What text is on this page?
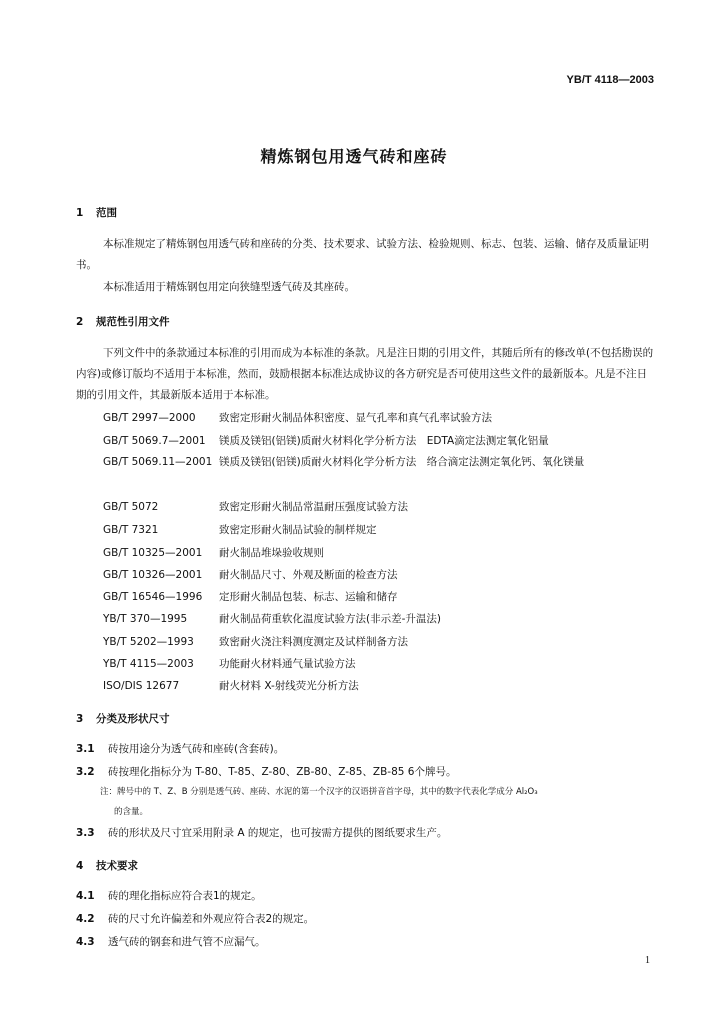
YB/T 4118—2003
精炼钢包用透气砖和座砖
1 范围
本标准规定了精炼钢包用透气砖和座砖的分类、技术要求、试验方法、检验规则、标志、包装、运输、储存及质量证明书。
本标准适用于精炼钢包用定向狭缝型透气砖及其座砖。
2 规范性引用文件
下列文件中的条款通过本标准的引用而成为本标准的条款。凡是注日期的引用文件，其随后所有的修改单(不包括勘误的内容)或修订版均不适用于本标准，然而，鼓励根据本标准达成协议的各方研究是否可使用这些文件的最新版本。凡是不注日期的引用文件，其最新版本适用于本标准。
GB/T 2997—2000 致密定形耐火制品体积密度、显气孔率和真气孔率试验方法
GB/T 5069.7—2001 镁质及镁铝(铝镁)质耐火材料化学分析方法　EDTA滴定法测定氧化铝量
GB/T 5069.11—2001 镁质及镁铝(铝镁)质耐火材料化学分析方法　络合滴定法测定氧化钙、氧化镁量
GB/T 5072	致密定形耐火制品常温耐压强度试验方法
GB/T 7321	致密定形耐火制品试验的制样规定
GB/T 10325—2001 耐火制品堆垛验收规则
GB/T 10326—2001 耐火制品尺寸、外观及断面的检查方法
GB/T 16546—1996 定形耐火制品包装、标志、运输和储存
YB/T 370—1995	耐火制品荷重软化温度试验方法(非示差-升温法)
YB/T 5202—1993 致密耐火浇注料测度测定及试样制备方法
YB/T 4115—2003 功能耐火材料通气量试验方法
ISO/DIS 12677	耐火材料 X-射线荧光分析方法
3 分类及形状尺寸
3.1 砖按用途分为透气砖和座砖(含套砖)。
3.2 砖按理化指标分为 T-80、T-85、Z-80、ZB-80、Z-85、ZB-85 6个牌号。
注：牌号中的 T、Z、B 分别是透气砖、座砖、水泥的第一个汉字的汉语拼音首字母，其中的数字代表化学成分 Al₂O₃
的含量。
3.3 砖的形状及尺寸宜采用附录 A 的规定，也可按需方提供的图纸要求生产。
4 技术要求
4.1 砖的理化指标应符合表1的规定。
4.2 砖的尺寸允许偏差和外观应符合表2的规定。
4.3 透气砖的钢套和进气管不应漏气。
1
